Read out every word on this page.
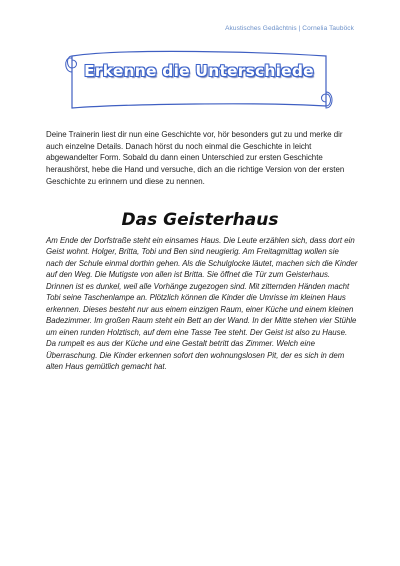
Akustisches Gedächtnis | Cornelia Tauböck
Erkenne die Unterschiede

Deine Trainerin liest dir nun eine Geschichte vor, hör besonders gut zu und merke dir auch einzelne Details. Danach hörst du noch einmal die Geschichte in leicht abgewandelter Form. Sobald du dann einen Unterschied zur ersten Geschichte heraushörst, hebe die Hand und versuche, dich an die richtige Version von der ersten Geschichte zu erinnern und diese zu nennen.

Das Geisterhaus

Am Ende der Dorfstraße steht ein einsames Haus. Die Leute erzählen sich, dass dort ein Geist wohnt. Holger, Britta, Tobi und Ben sind neugierig. Am Freitagmittag wollen sie nach der Schule einmal dorthin gehen. Als die Schulglocke läutet, machen sich die Kinder auf den Weg. Die Mutigste von allen ist Britta. Sie öffnet die Tür zum Geisterhaus. Drinnen ist es dunkel, weil alle Vorhänge zugezogen sind. Mit zitternden Händen macht Tobi seine Taschenlampe an. Plötzlich können die Kinder die Umrisse im kleinen Haus erkennen. Dieses besteht nur aus einem einzigen Raum, einer Küche und einem kleinen Badezimmer. Im großen Raum steht ein Bett an der Wand. In der Mitte stehen vier Stühle um einen runden Holztisch, auf dem eine Tasse Tee steht. Der Geist ist also zu Hause. Da rumpelt es aus der Küche und eine Gestalt betritt das Zimmer. Welch eine Überraschung. Die Kinder erkennen sofort den wohnungslosen Pit, der es sich in dem alten Haus gemütlich gemacht hat.
